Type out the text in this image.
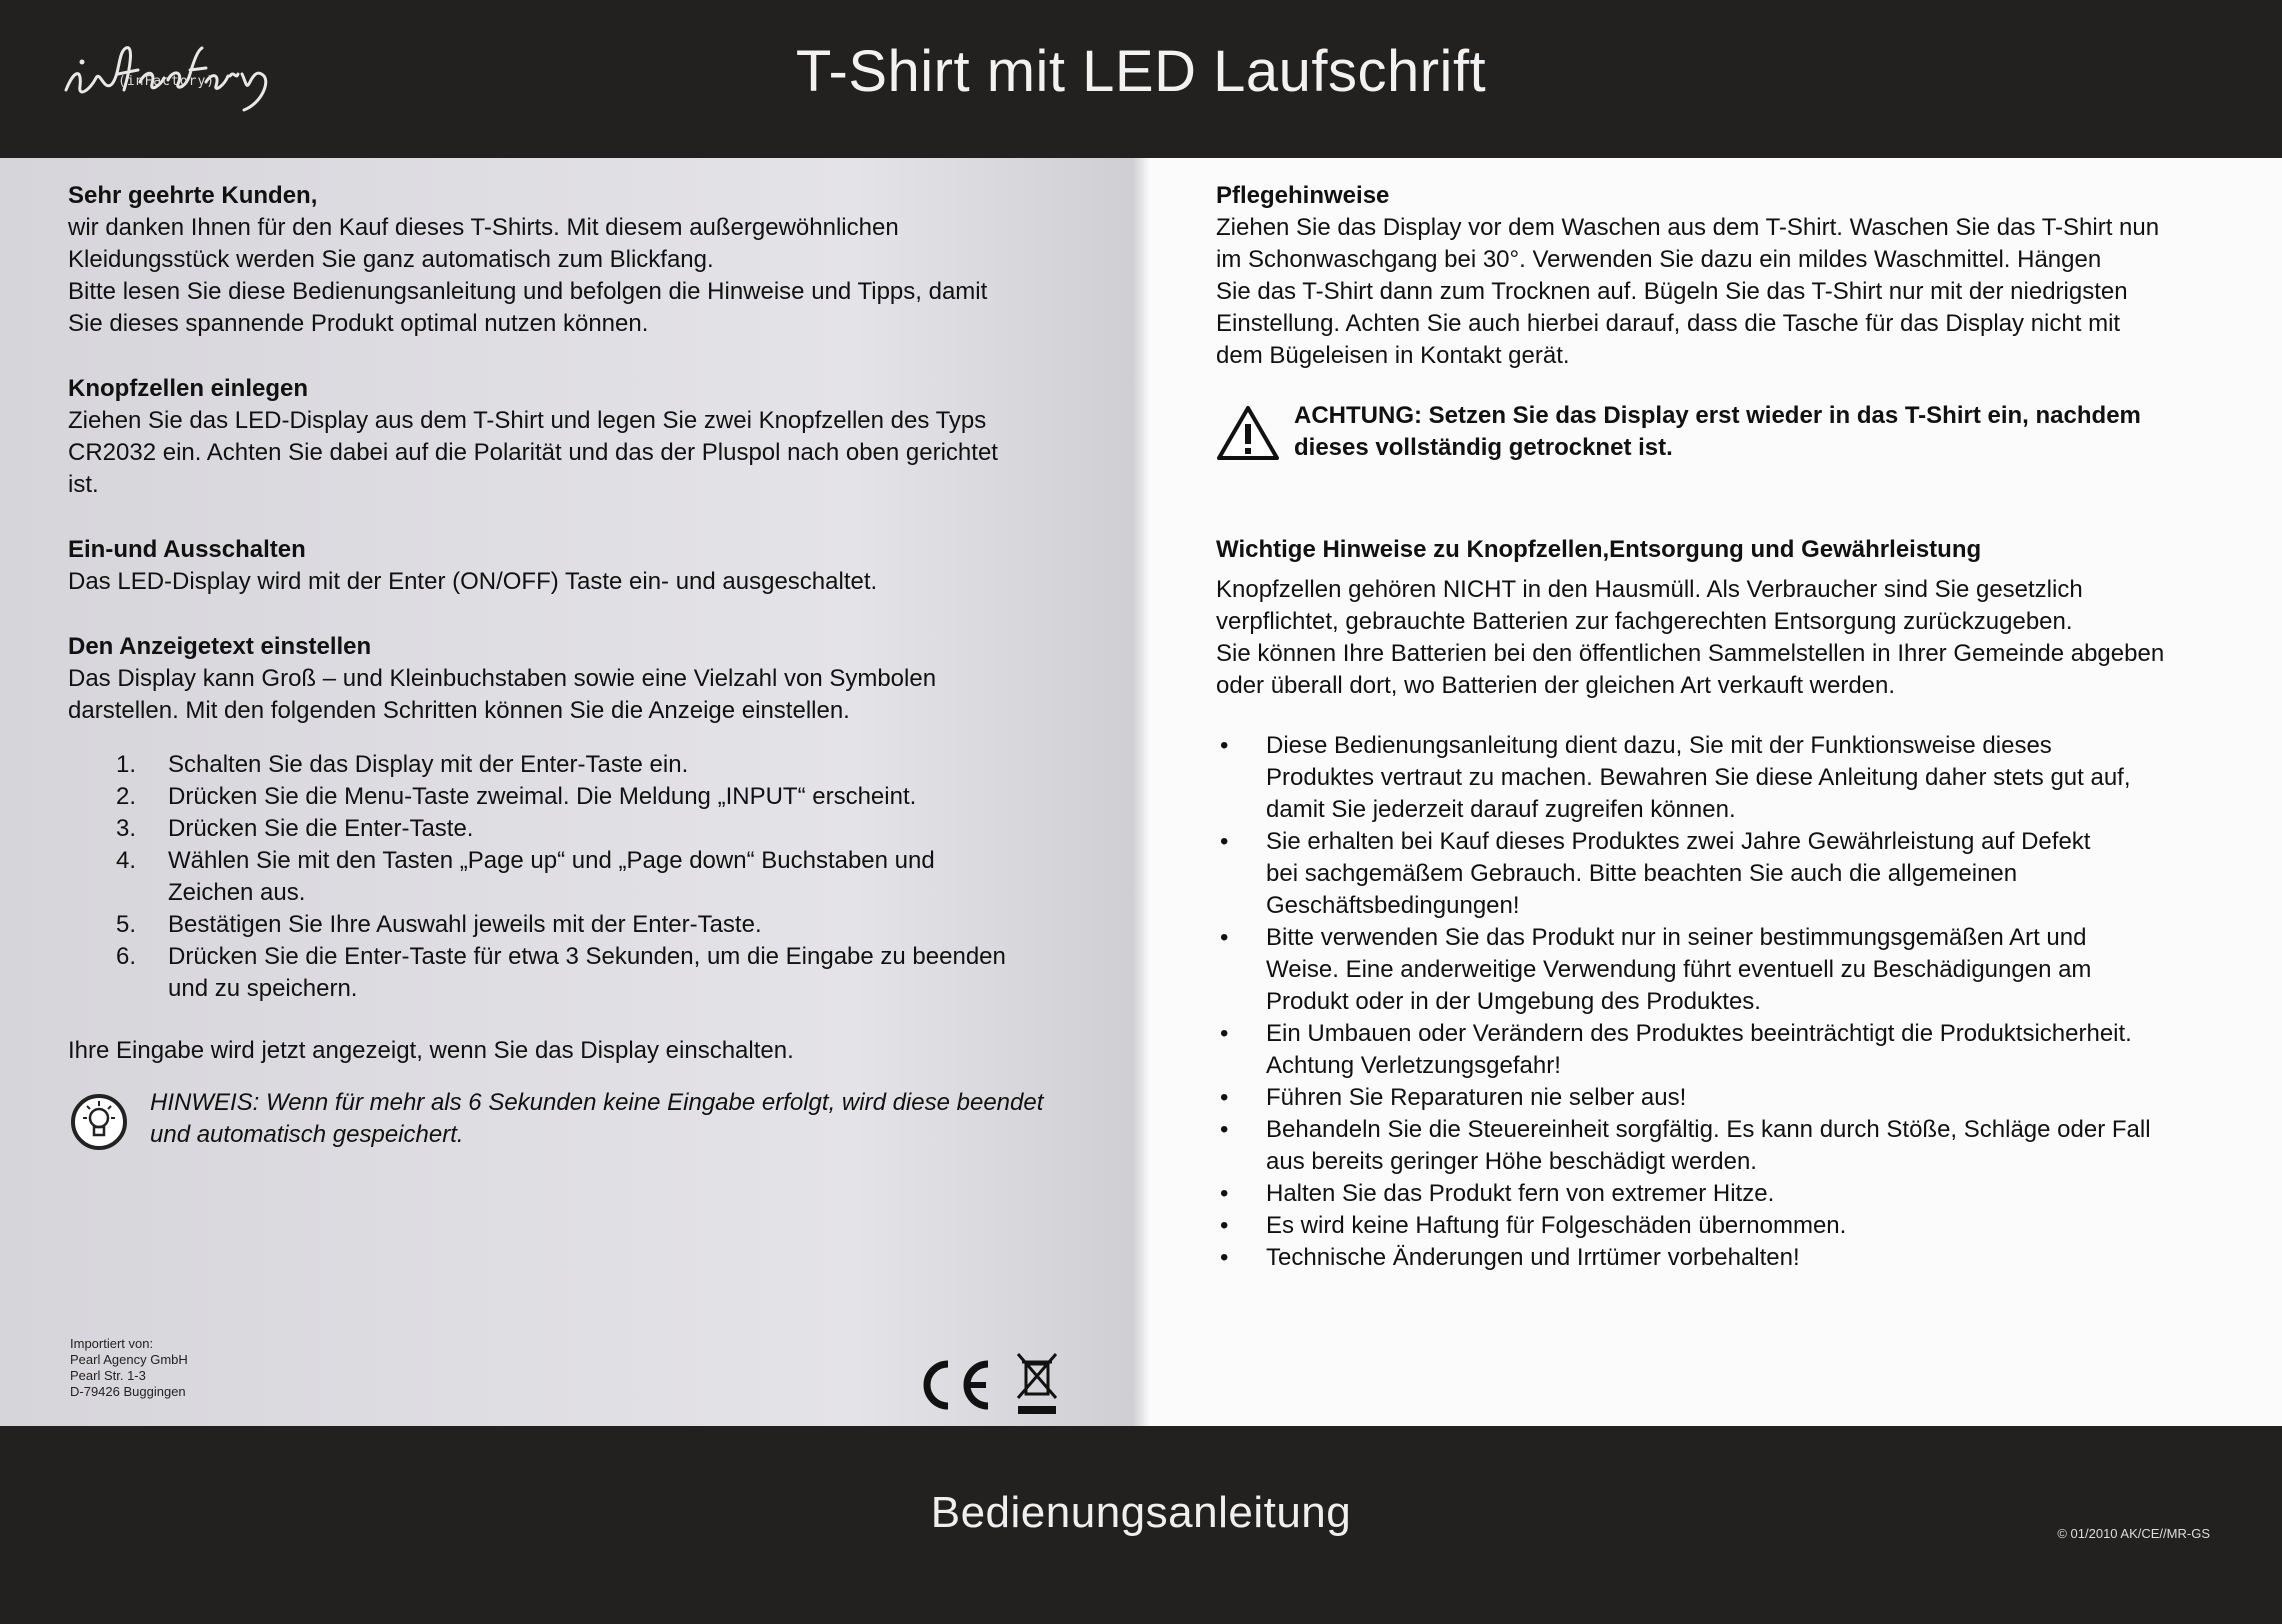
(inFactory)	T-Shirt mit LED Laufschrift
Sehr geehrte Kunden,

wir danken Ihnen für den Kauf dieses T-Shirts. Mit diesem außergewöhnlichen

Kleidungsstück werden Sie ganz automatisch zum Blickfang.

Bitte lesen Sie diese Bedienungsanleitung und befolgen die Hinweise und Tipps, damit

Sie dieses spannende Produkt optimal nutzen können.

Knopfzellen einlegen

Ziehen Sie das LED-Display aus dem T-Shirt und legen Sie zwei Knopfzellen des Typs

CR2032 ein. Achten Sie dabei auf die Polarität und das der Pluspol nach oben gerichtet

ist.

Ein-und Ausschalten

Das LED-Display wird mit der Enter (ON/OFF) Taste ein- und ausgeschaltet.

Den Anzeigetext einstellen

Das Display kann Groß – und Kleinbuchstaben sowie eine Vielzahl von Symbolen

darstellen. Mit den folgenden Schritten können Sie die Anzeige einstellen.

1. Schalten Sie das Display mit der Enter-Taste ein.
2. Drücken Sie die Menu-Taste zweimal. Die Meldung „INPUT“ erscheint.
3. Drücken Sie die Enter-Taste.
4. Wählen Sie mit den Tasten „Page up“ und „Page down“ Buchstaben und
Zeichen aus.
5. Bestätigen Sie Ihre Auswahl jeweils mit der Enter-Taste.
6. Drücken Sie die Enter-Taste für etwa 3 Sekunden, um die Eingabe zu beenden
und zu speichern.

Ihre Eingabe wird jetzt angezeigt, wenn Sie das Display einschalten.

HINWEIS: Wenn für mehr als 6 Sekunden keine Eingabe erfolgt, wird diese beendet

und automatisch gespeichert.

Importiert von:
Pearl Agency GmbH
Pearl Str. 1-3
D-79426 Buggingen
Pflegehinweise

Ziehen Sie das Display vor dem Waschen aus dem T-Shirt. Waschen Sie das T-Shirt nun

im Schonwaschgang bei 30°. Verwenden Sie dazu ein mildes Waschmittel. Hängen

Sie das T-Shirt dann zum Trocknen auf. Bügeln Sie das T-Shirt nur mit der niedrigsten

Einstellung. Achten Sie auch hierbei darauf, dass die Tasche für das Display nicht mit

dem Bügeleisen in Kontakt gerät.

ACHTUNG: Setzen Sie das Display erst wieder in das T-Shirt ein, nachdem

dieses vollständig getrocknet ist.

Wichtige Hinweise zu Knopfzellen,Entsorgung und Gewährleistung

Knopfzellen gehören NICHT in den Hausmüll. Als Verbraucher sind Sie gesetzlich

verpflichtet, gebrauchte Batterien zur fachgerechten Entsorgung zurückzugeben.

Sie können Ihre Batterien bei den öffentlichen Sammelstellen in Ihrer Gemeinde abgeben

oder überall dort, wo Batterien der gleichen Art verkauft werden.

• Diese Bedienungsanleitung dient dazu, Sie mit der Funktionsweise dieses
Produktes vertraut zu machen. Bewahren Sie diese Anleitung daher stets gut auf,
damit Sie jederzeit darauf zugreifen können.
• Sie erhalten bei Kauf dieses Produktes zwei Jahre Gewährleistung auf Defekt
bei sachgemäßem Gebrauch. Bitte beachten Sie auch die allgemeinen
Geschäftsbedingungen!
• Bitte verwenden Sie das Produkt nur in seiner bestimmungsgemäßen Art und
Weise. Eine anderweitige Verwendung führt eventuell zu Beschädigungen am
Produkt oder in der Umgebung des Produktes.
• Ein Umbauen oder Verändern des Produktes beeinträchtigt die Produktsicherheit.
Achtung Verletzungsgefahr!
• Führen Sie Reparaturen nie selber aus!
• Behandeln Sie die Steuereinheit sorgfältig. Es kann durch Stöße, Schläge oder Fall
aus bereits geringer Höhe beschädigt werden.
• Halten Sie das Produkt fern von extremer Hitze.
• Es wird keine Haftung für Folgeschäden übernommen.
• Technische Änderungen und Irrtümer vorbehalten!
Bedienungsanleitung	© 01/2010 AK/CE//MR-GS
